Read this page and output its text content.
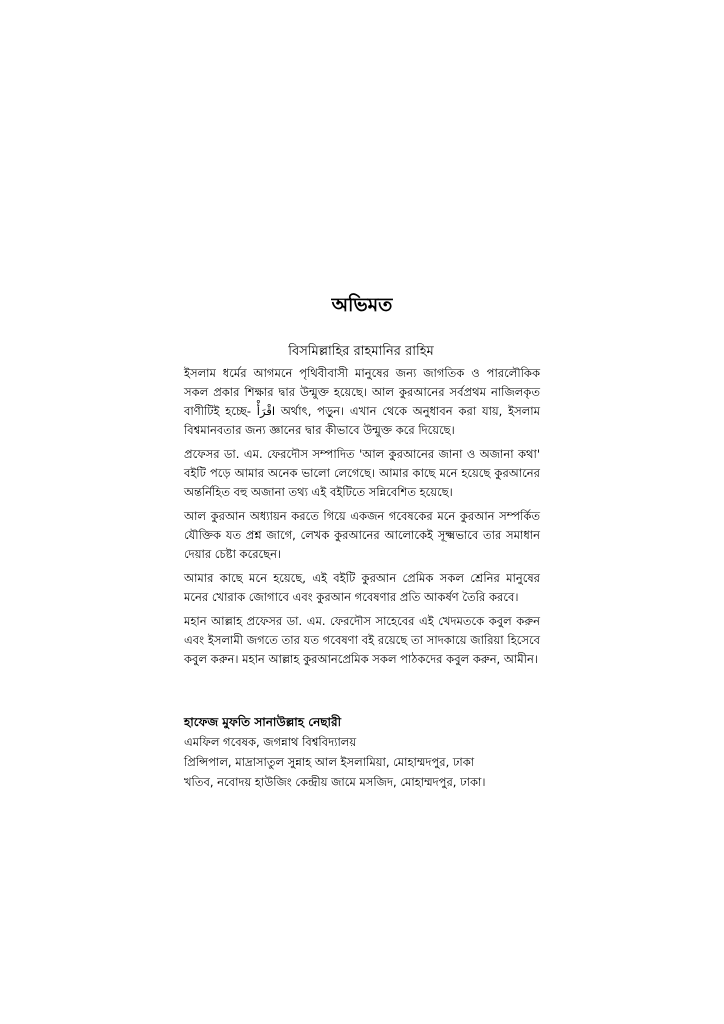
অভিমত
বিসমিল্লাহির রাহমানির রাহিম

ইসলাম ধর্মের আগমনে পৃথিবীবাসী মানুষের জন্য জাগতিক ও পারলৌকিক সকল প্রকার শিক্ষার দ্বার উন্মুক্ত হয়েছে। আল কুরআনের সর্বপ্রথম নাজিলকৃত বাণীটিই হচ্ছে- اقْرَأْ অর্থাৎ, পড়ুন। এখান থেকে অনুধাবন করা যায়, ইসলাম বিশ্বমানবতার জন্য জ্ঞানের দ্বার কীভাবে উন্মুক্ত করে দিয়েছে।

প্রফেসর ডা. এম. ফেরদৌস সম্পাদিত 'আল কুরআনের জানা ও অজানা কথা' বইটি পড়ে আমার অনেক ভালো লেগেছে। আমার কাছে মনে হয়েছে কুরআনের অন্তর্নিহিত বহু অজানা তথ্য এই বইটিতে সন্নিবেশিত হয়েছে।

আল কুরআন অধ্যায়ন করতে গিয়ে একজন গবেষকের মনে কুরআন সম্পর্কিত যৌক্তিক যত প্রশ্ন জাগে, লেখক কুরআনের আলোকেই সূক্ষ্মভাবে তার সমাধান দেয়ার চেষ্টা করেছেন।

আমার কাছে মনে হয়েছে, এই বইটি কুরআন প্রেমিক সকল শ্রেনির মানুষের মনের খোরাক জোগাবে এবং কুরআন গবেষণার প্রতি আকর্ষণ তৈরি করবে।

মহান আল্লাহ প্রফেসর ডা. এম. ফেরদৌস সাহেবের এই খেদমতকে কবুল করুন এবং ইসলামী জগতে তার যত গবেষণা বই রয়েছে তা সাদকায়ে জারিয়া হিসেবে কবুল করুন। মহান আল্লাহ কুরআনপ্রেমিক সকল পাঠকদের কবুল করুন, আমীন।

হাফেজ মুফতি সানাউল্লাহ নেছারী

এমফিল গবেষক, জগন্নাথ বিশ্ববিদ্যালয়

প্রিন্সিপাল, মাদ্রাসাতুল সুন্নাহ আল ইসলামিয়া, মোহাম্মদপুর, ঢাকা

খতিব, নবোদয় হাউজিং কেন্দ্রীয় জামে মসজিদ, মোহাম্মদপুর, ঢাকা।
